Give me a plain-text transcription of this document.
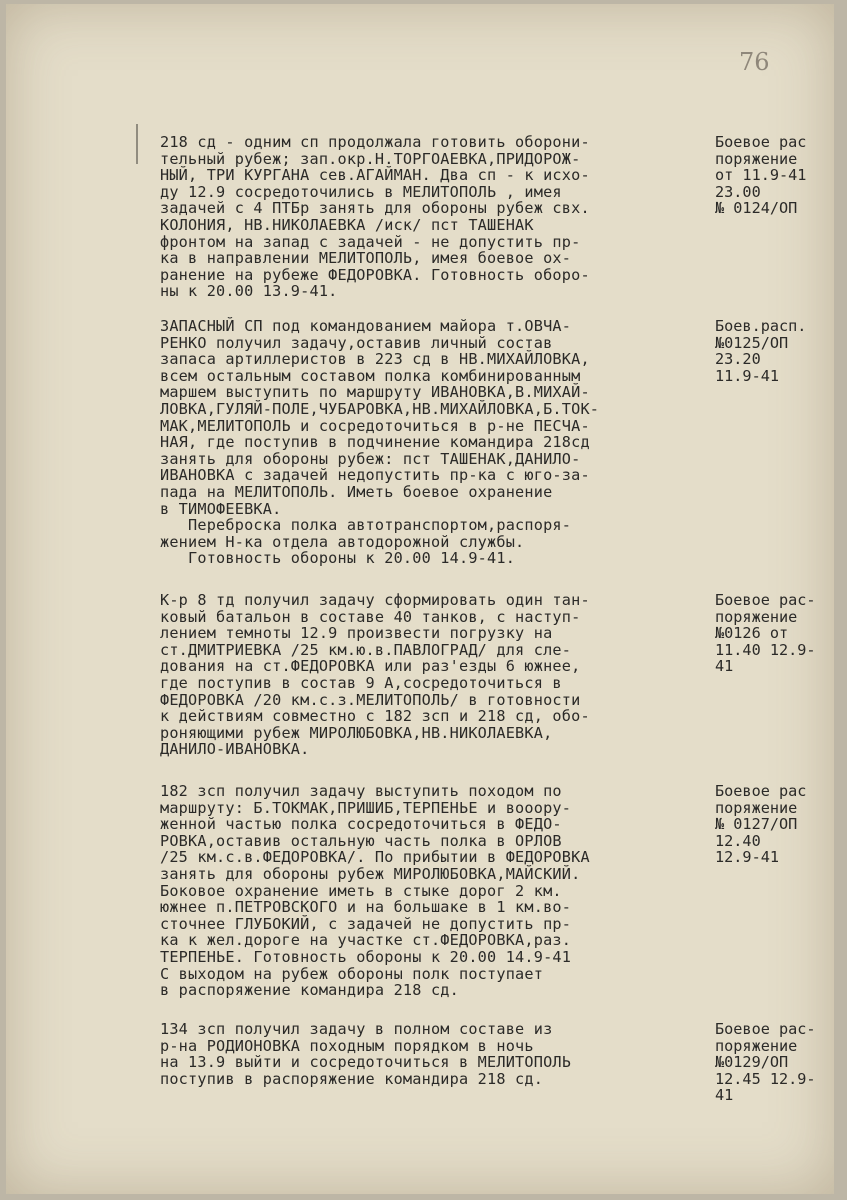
76
218 сд - одним сп продолжала готовить оборони-
тельный рубеж; зап.окр.Н.ТОРГОАЕВКА,ПРИДОРОЖ-
НЫЙ, ТРИ КУРГАНА сев.АГАЙМАН. Два сп - к исхо-
ду 12.9 сосредоточились в МЕЛИТОПОЛЬ , имея
задачей с 4 ПТБр занять для обороны рубеж свх.
КОЛОНИЯ, НВ.НИКОЛАЕВКА /иск/ пст ТАШЕНАК
фронтом на запад с задачей - не допустить пр-
ка в направлении МЕЛИТОПОЛЬ, имея боевое ох-
ранение на рубеже ФЕДОРОВКА. Готовность оборо-
ны к 20.00 13.9-41.
Боевое рас
поряжение
от 11.9-41
23.00
№ 0124/ОП
ЗАПАСНЫЙ СП под командованием майора т.ОВЧА-
РЕНКО получил задачу,оставив личный состав
запаса артиллеристов в 223 сд в НВ.МИХАЙЛОВКА,
всем остальным составом полка комбинированным
маршем выступить по маршруту ИВАНОВКА,В.МИХАЙ-
ЛОВКА,ГУЛЯЙ-ПОЛЕ,ЧУБАРОВКА,НВ.МИХАЙЛОВКА,Б.ТОК-
МАК,МЕЛИТОПОЛЬ и сосредоточиться в р-не ПЕСЧА-
НАЯ, где поступив в подчинение командира 218сд
занять для обороны рубеж: пст ТАШЕНАК,ДАНИЛО-
ИВАНОВКА с задачей недопустить пр-ка с юго-за-
пада на МЕЛИТОПОЛЬ. Иметь боевое охранение
в ТИМОФЕЕВКА.
Переброска полка автотранспортом,распоря-
жением Н-ка отдела автодорожной службы.
Готовность обороны к 20.00 14.9-41.
Боев.расп.
№0125/ОП
23.20
11.9-41
К-р 8 тд получил задачу сформировать один тан-
ковый батальон в составе 40 танков, с наступ-
лением темноты 12.9 произвести погрузку на
ст.ДМИТРИЕВКА /25 км.ю.в.ПАВЛОГРАД/ для сле-
дования на ст.ФЕДОРОВКА или раз'езды 6 южнее,
где поступив в состав 9 А,сосредоточиться в
ФЕДОРОВКА /20 км.с.з.МЕЛИТОПОЛЬ/ в готовности
к действиям совместно с 182 зсп и 218 сд, обо-
роняющими рубеж МИРОЛЮБОВКА,НВ.НИКОЛАЕВКА,
ДАНИЛО-ИВАНОВКА.
Боевое рас-
поряжение
№0126 от
11.40 12.9-
41
182 зсп получил задачу выступить походом по
маршруту: Б.ТОКМАК,ПРИШИБ,ТЕРПЕНЬЕ и вооору-
женной частью полка сосредоточиться в ФЕДО-
РОВКА,оставив остальную часть полка в ОРЛОВ
/25 км.с.в.ФЕДОРОВКА/. По прибытии в ФЕДОРОВКА
занять для обороны рубеж МИРОЛЮБОВКА,МАЙСКИЙ.
Боковое охранение иметь в стыке дорог 2 км.
южнее п.ПЕТРОВСКОГО и на большаке в 1 км.во-
сточнее ГЛУБОКИЙ, с задачей не допустить пр-
ка к жел.дороге на участке ст.ФЕДОРОВКА,раз.
ТЕРПЕНЬЕ. Готовность обороны к 20.00 14.9-41
С выходом на рубеж обороны полк поступает
в распоряжение командира 218 сд.
Боевое рас
поряжение
№ 0127/ОП
12.40
12.9-41
134 зсп получил задачу в полном составе из
р-на РОДИОНОВКА походным порядком в ночь
на 13.9 выйти и сосредоточиться в МЕЛИТОПОЛЬ
поступив в распоряжение командира 218 сд.
Боевое рас-
поряжение
№0129/ОП
12.45 12.9-
41
